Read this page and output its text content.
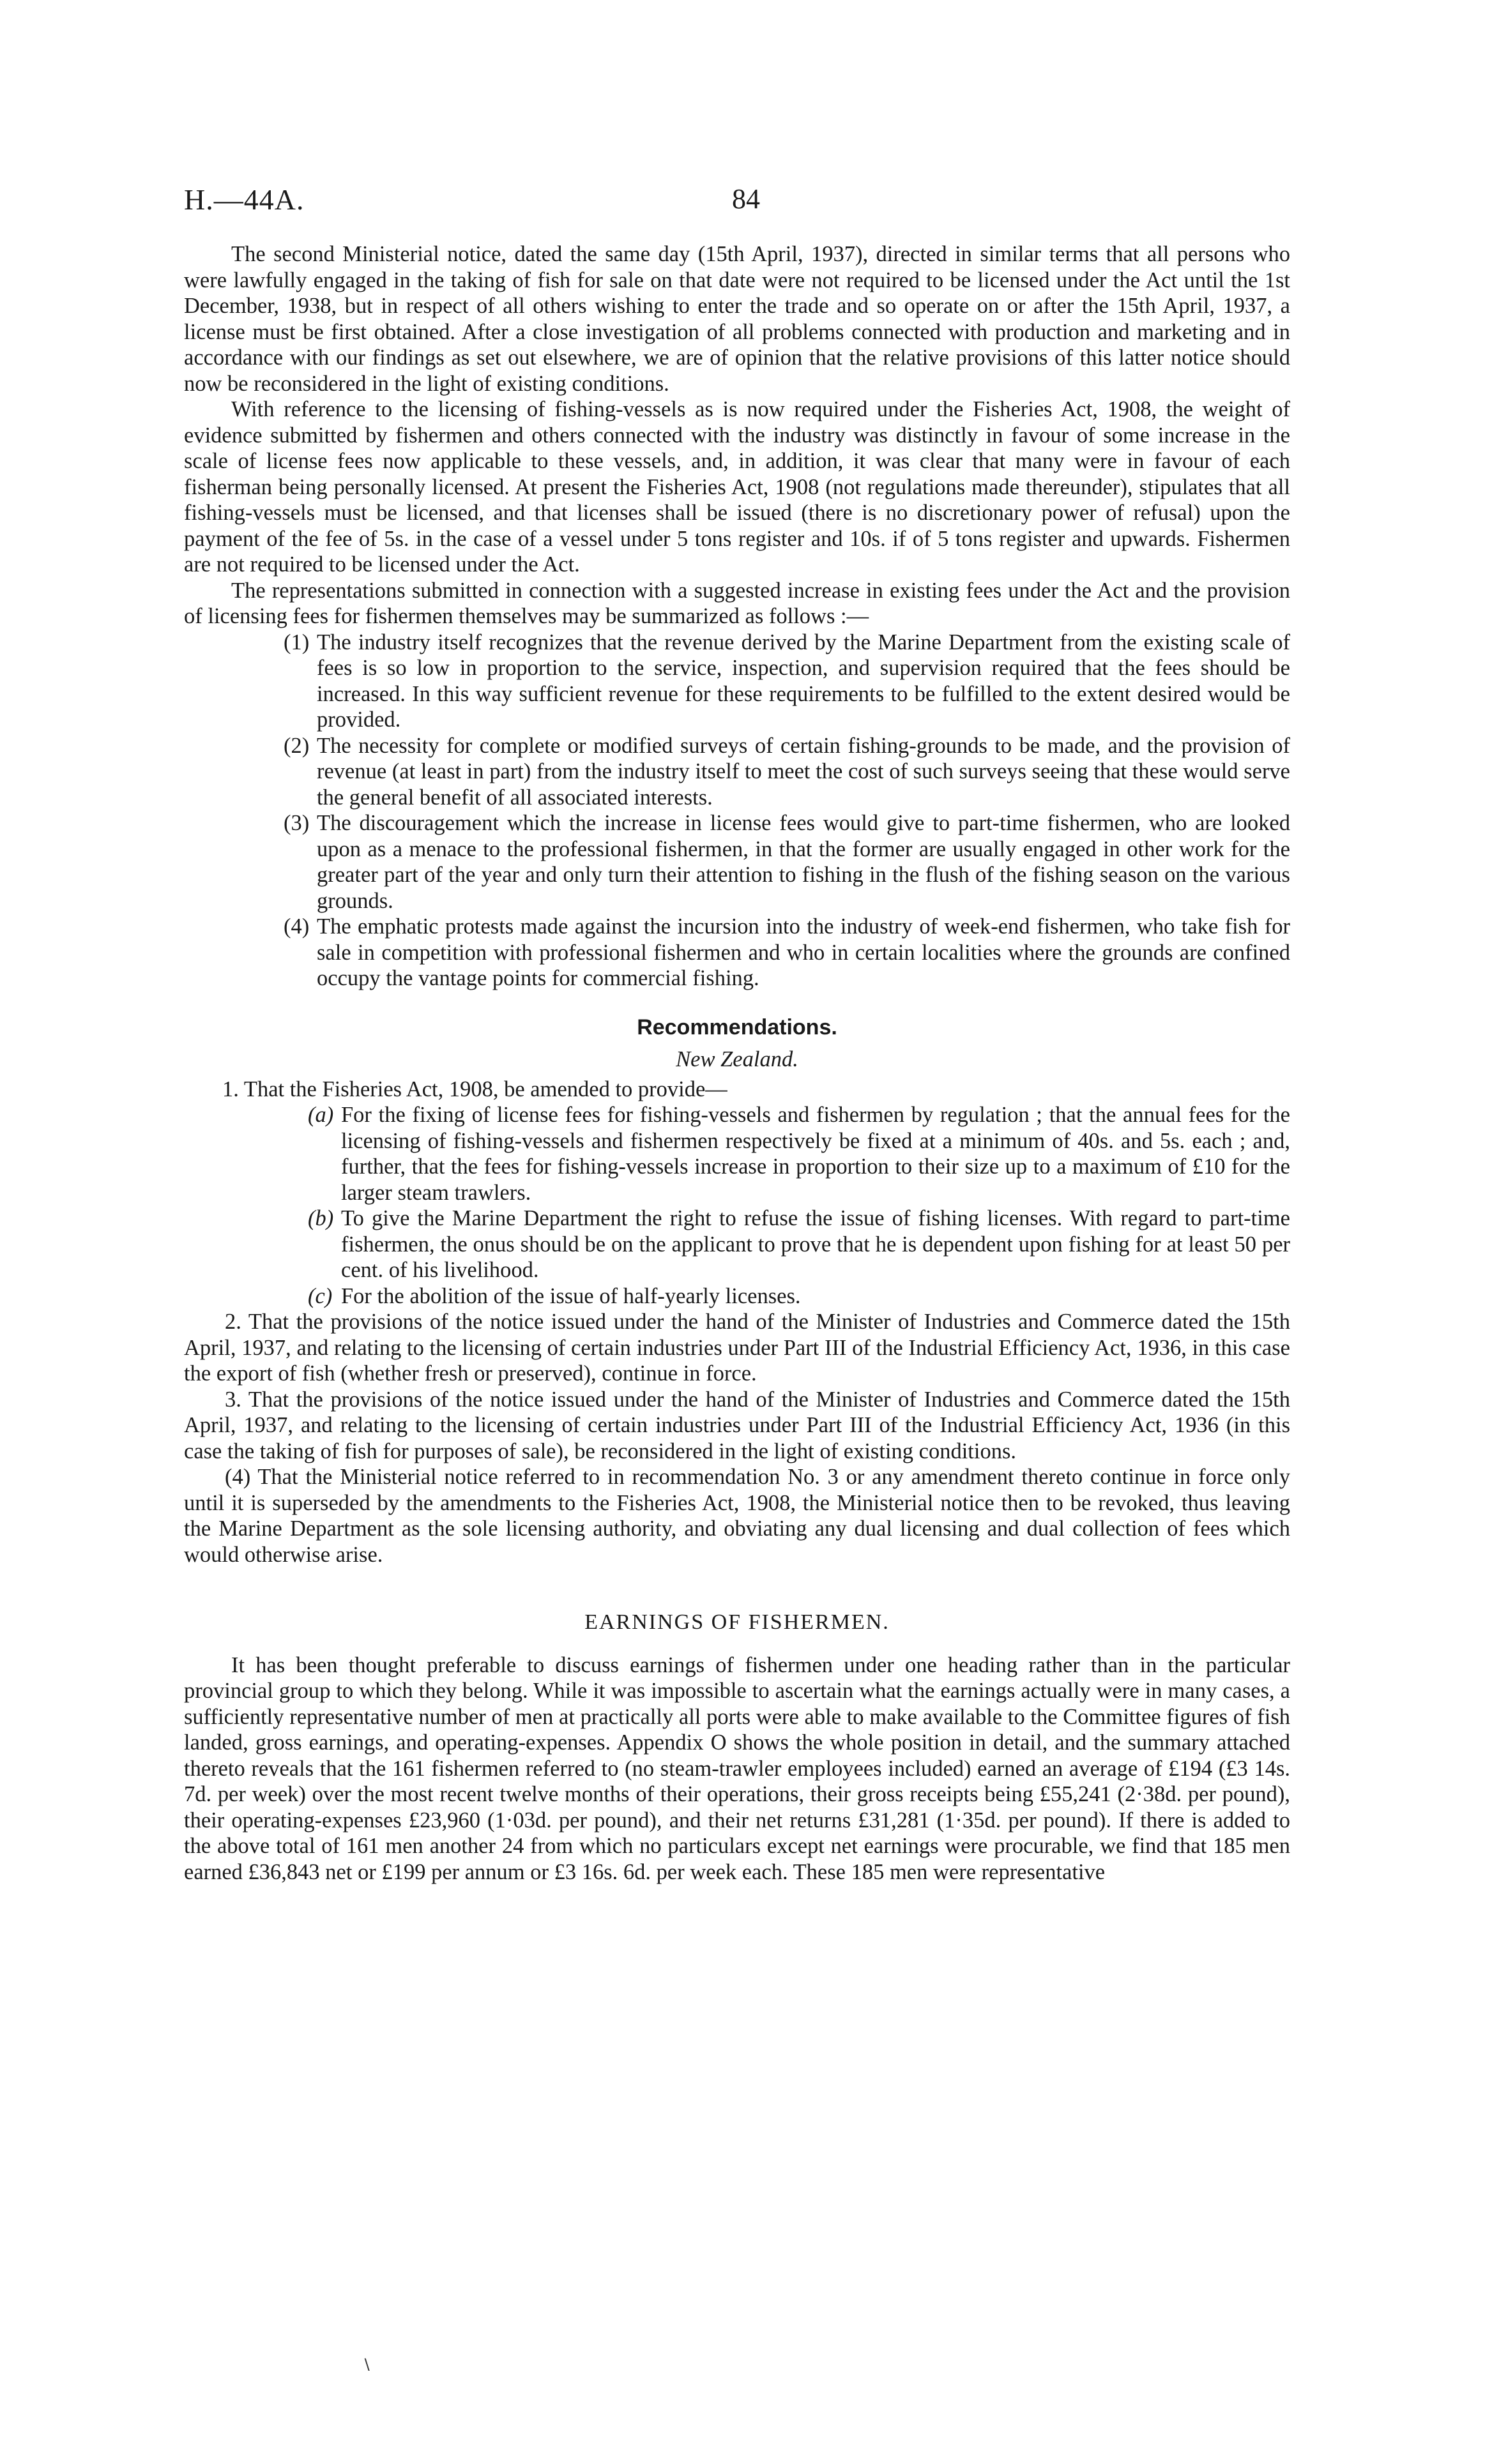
H.—44A.	84

The second Ministerial notice, dated the same day (15th April, 1937), directed in similar terms that all persons who were lawfully engaged in the taking of fish for sale on that date were not required to be licensed under the Act until the 1st December, 1938, but in respect of all others wishing to enter the trade and so operate on or after the 15th April, 1937, a license must be first obtained. After a close investigation of all problems connected with production and marketing and in accordance with our findings as set out elsewhere, we are of opinion that the relative provisions of this latter notice should now be reconsidered in the light of existing conditions.

With reference to the licensing of fishing-vessels as is now required under the Fisheries Act, 1908, the weight of evidence submitted by fishermen and others connected with the industry was distinctly in favour of some increase in the scale of license fees now applicable to these vessels, and, in addition, it was clear that many were in favour of each fisherman being personally licensed. At present the Fisheries Act, 1908 (not regulations made thereunder), stipulates that all fishing-vessels must be licensed, and that licenses shall be issued (there is no discretionary power of refusal) upon the payment of the fee of 5s. in the case of a vessel under 5 tons register and 10s. if of 5 tons register and upwards. Fishermen are not required to be licensed under the Act.

The representations submitted in connection with a suggested increase in existing fees under the Act and the provision of licensing fees for fishermen themselves may be summarized as follows :—

(1) The industry itself recognizes that the revenue derived by the Marine Department from the existing scale of fees is so low in proportion to the service, inspection, and supervision required that the fees should be increased. In this way sufficient revenue for these requirements to be fulfilled to the extent desired would be provided.
(2) The necessity for complete or modified surveys of certain fishing-grounds to be made, and the provision of revenue (at least in part) from the industry itself to meet the cost of such surveys seeing that these would serve the general benefit of all associated interests.
(3) The discouragement which the increase in license fees would give to part-time fishermen, who are looked upon as a menace to the professional fishermen, in that the former are usually engaged in other work for the greater part of the year and only turn their attention to fishing in the flush of the fishing season on the various grounds.
(4) The emphatic protests made against the incursion into the industry of week-end fishermen, who take fish for sale in competition with professional fishermen and who in certain localities where the grounds are confined occupy the vantage points for commercial fishing.
Recommendations.
New Zealand.

1. That the Fisheries Act, 1908, be amended to provide—

(a) For the fixing of license fees for fishing-vessels and fishermen by regulation ; that the annual fees for the licensing of fishing-vessels and fishermen respectively be fixed at a minimum of 40s. and 5s. each ; and, further, that the fees for fishing-vessels increase in proportion to their size up to a maximum of £10 for the larger steam trawlers.
(b) To give the Marine Department the right to refuse the issue of fishing licenses. With regard to part-time fishermen, the onus should be on the applicant to prove that he is dependent upon fishing for at least 50 per cent. of his livelihood.
(c) For the abolition of the issue of half-yearly licenses.

2. That the provisions of the notice issued under the hand of the Minister of Industries and Commerce dated the 15th April, 1937, and relating to the licensing of certain industries under Part III of the Industrial Efficiency Act, 1936, in this case the export of fish (whether fresh or preserved), continue in force.

3. That the provisions of the notice issued under the hand of the Minister of Industries and Commerce dated the 15th April, 1937, and relating to the licensing of certain industries under Part III of the Industrial Efficiency Act, 1936 (in this case the taking of fish for purposes of sale), be reconsidered in the light of existing conditions.

(4) That the Ministerial notice referred to in recommendation No. 3 or any amendment thereto continue in force only until it is superseded by the amendments to the Fisheries Act, 1908, the Ministerial notice then to be revoked, thus leaving the Marine Department as the sole licensing authority, and obviating any dual licensing and dual collection of fees which would otherwise arise.

EARNINGS OF FISHERMEN.

It has been thought preferable to discuss earnings of fishermen under one heading rather than in the particular provincial group to which they belong. While it was impossible to ascertain what the earnings actually were in many cases, a sufficiently representative number of men at practically all ports were able to make available to the Committee figures of fish landed, gross earnings, and operating-expenses. Appendix O shows the whole position in detail, and the summary attached thereto reveals that the 161 fishermen referred to (no steam-trawler employees included) earned an average of £194 (£3 14s. 7d. per week) over the most recent twelve months of their operations, their gross receipts being £55,241 (2·38d. per pound), their operating-expenses £23,960 (1·03d. per pound), and their net returns £31,281 (1·35d. per pound). If there is added to the above total of 161 men another 24 from which no particulars except net earnings were procurable, we find that 185 men earned £36,843 net or £199 per annum or £3 16s. 6d. per week each. These 185 men were representative

∖
